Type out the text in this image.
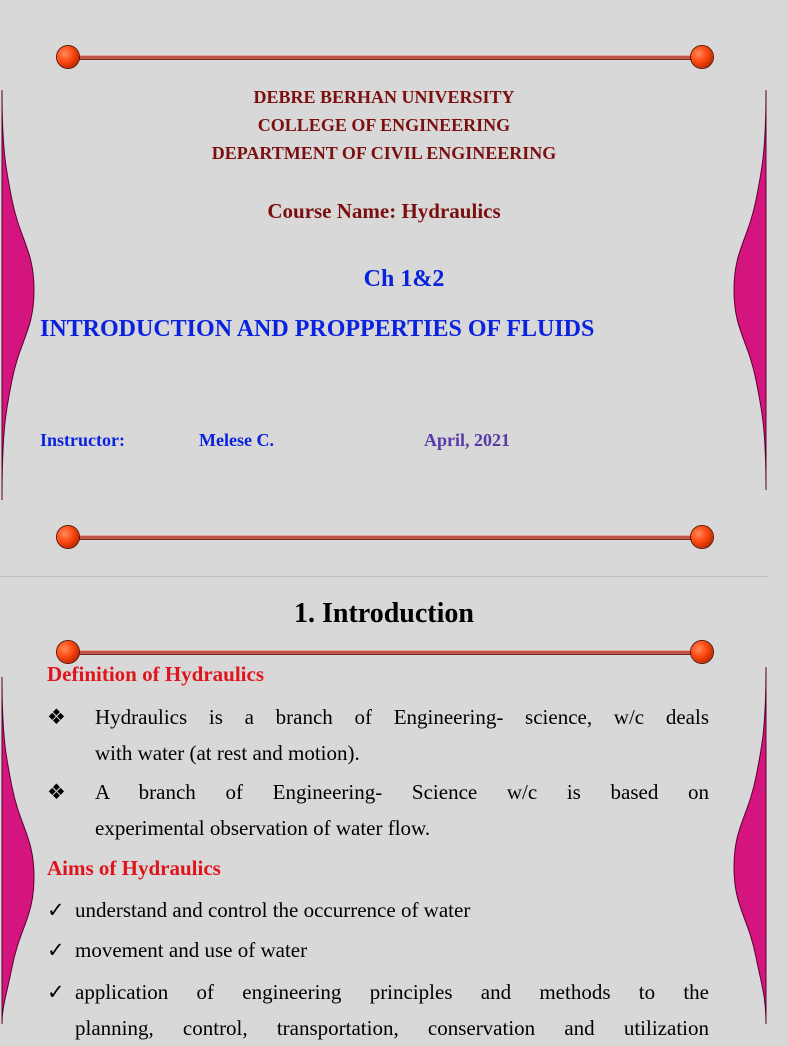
DEBRE BERHAN UNIVERSITY
COLLEGE OF ENGINEERING
DEPARTMENT OF CIVIL ENGINEERING
Course Name: Hydraulics
Ch 1&2
INTRODUCTION AND PROPPERTIES OF FLUIDS
Instructor:	Melese C.	April, 2021
1. Introduction
Definition of Hydraulics
❖	Hydraulics is a branch of Engineering- science, w/c deals
with water (at rest and motion).
❖	A branch of Engineering- Science w/c is based on
experimental observation of water flow.
Aims of Hydraulics
✓ understand and control the occurrence of water
✓ movement and use of water
✓ application of engineering principles and methods to the
planning, control, transportation, conservation and utilization
